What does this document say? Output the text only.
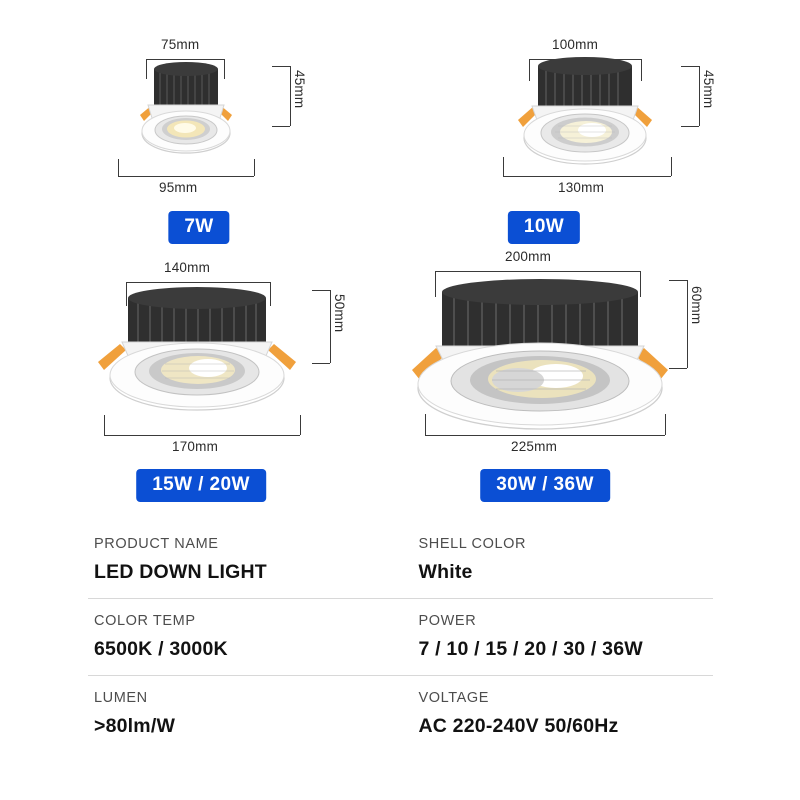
75mm
45mm
95mm
7W
100mm
45mm
130mm
10W
140mm
50mm
170mm
15W / 20W
200mm
60mm
225mm
30W / 36W
PRODUCT NAME
LED DOWN LIGHT
SHELL COLOR
White
COLOR TEMP
6500K / 3000K
POWER
7 / 10 / 15 / 20 / 30 / 36W
LUMEN
>80lm/W
VOLTAGE
AC 220-240V 50/60Hz
